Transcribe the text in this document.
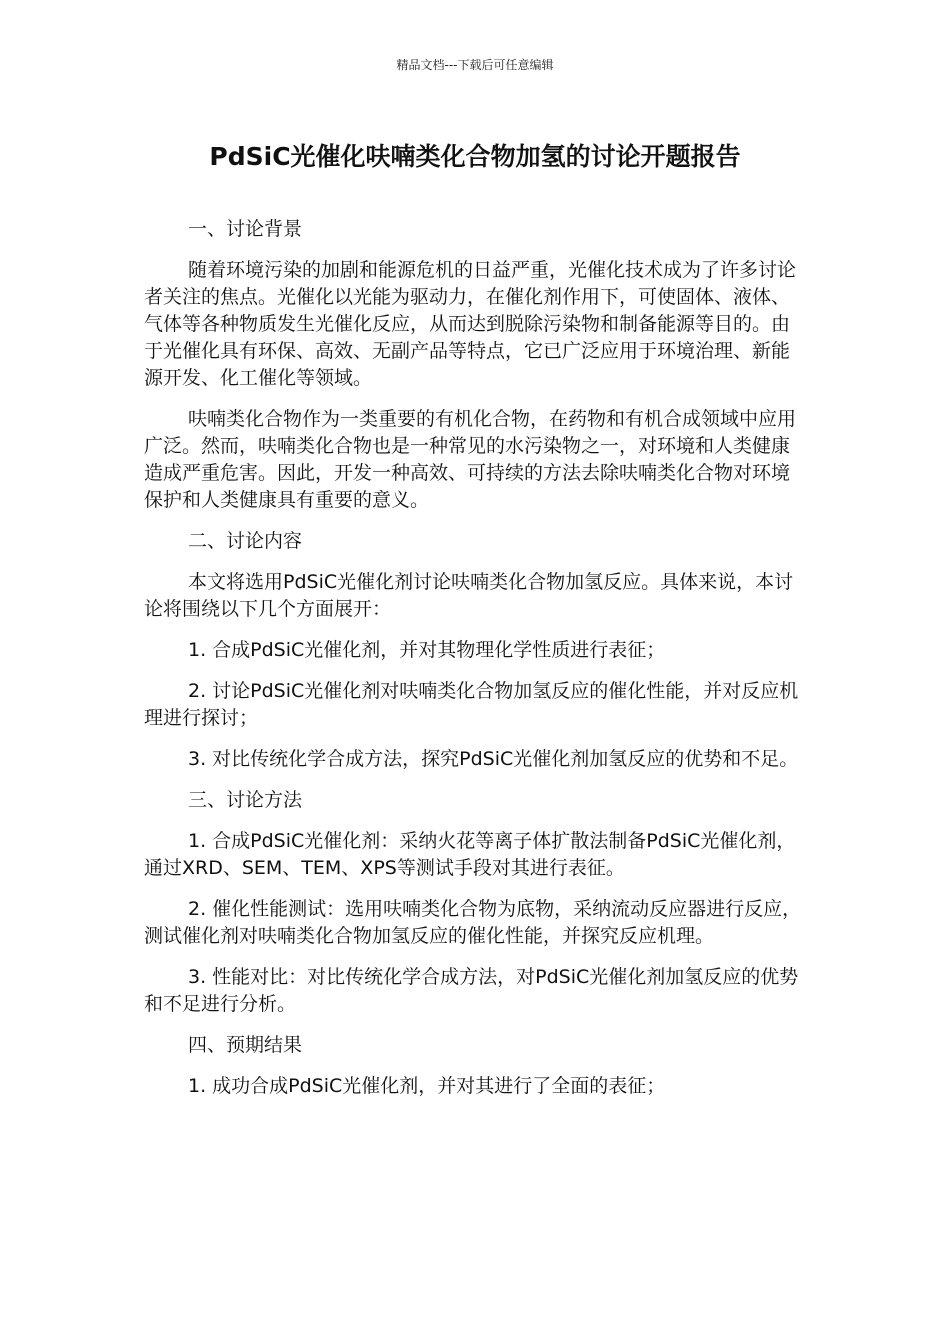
精品文档---下载后可任意编辑
PdSiC光催化呋喃类化合物加氢的讨论开题报告

一、讨论背景

随着环境污染的加剧和能源危机的日益严重，光催化技术成为了许多讨论者关注的焦点。光催化以光能为驱动力，在催化剂作用下，可使固体、液体、气体等各种物质发生光催化反应，从而达到脱除污染物和制备能源等目的。由于光催化具有环保、高效、无副产品等特点，它已广泛应用于环境治理、新能源开发、化工催化等领域。

呋喃类化合物作为一类重要的有机化合物，在药物和有机合成领域中应用广泛。然而，呋喃类化合物也是一种常见的水污染物之一，对环境和人类健康造成严重危害。因此，开发一种高效、可持续的方法去除呋喃类化合物对环境保护和人类健康具有重要的意义。

二、讨论内容

本文将选用PdSiC光催化剂讨论呋喃类化合物加氢反应。具体来说，本讨论将围绕以下几个方面展开：

1. 合成PdSiC光催化剂，并对其物理化学性质进行表征；

2. 讨论PdSiC光催化剂对呋喃类化合物加氢反应的催化性能，并对反应机理进行探讨；

3. 对比传统化学合成方法，探究PdSiC光催化剂加氢反应的优势和不足。

三、讨论方法

1. 合成PdSiC光催化剂：采纳火花等离子体扩散法制备PdSiC光催化剂，通过XRD、SEM、TEM、XPS等测试手段对其进行表征。

2. 催化性能测试：选用呋喃类化合物为底物，采纳流动反应器进行反应，测试催化剂对呋喃类化合物加氢反应的催化性能，并探究反应机理。

3. 性能对比：对比传统化学合成方法，对PdSiC光催化剂加氢反应的优势和不足进行分析。

四、预期结果

1. 成功合成PdSiC光催化剂，并对其进行了全面的表征；
